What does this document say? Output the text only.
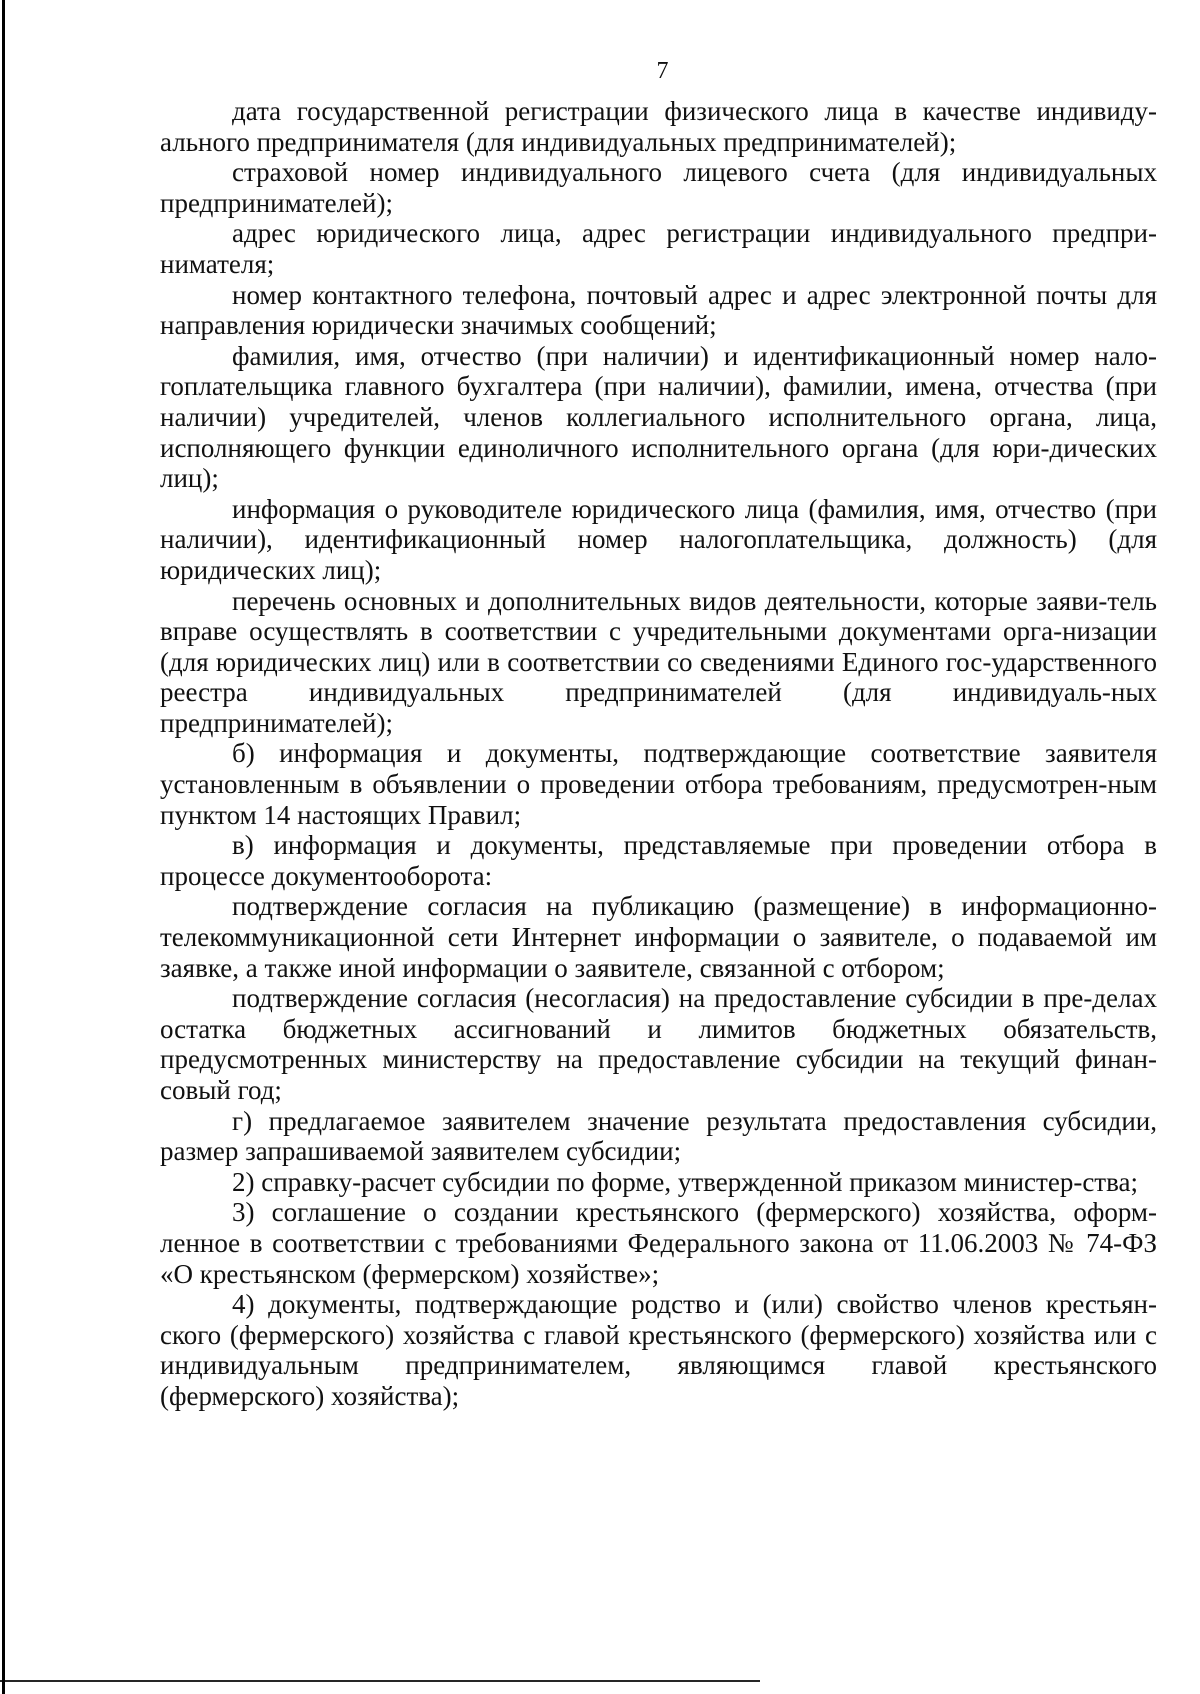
7

дата государственной регистрации физического лица в качестве индивиду-ального предпринимателя (для индивидуальных предпринимателей);

страховой номер индивидуального лицевого счета (для индивидуальных предпринимателей);

адрес юридического лица, адрес регистрации индивидуального предпри-нимателя;

номер контактного телефона, почтовый адрес и адрес электронной почты для направления юридически значимых сообщений;

фамилия, имя, отчество (при наличии) и идентификационный номер нало-гоплательщика главного бухгалтера (при наличии), фамилии, имена, отчества (при наличии) учредителей, членов коллегиального исполнительного органа, лица, исполняющего функции единоличного исполнительного органа (для юри-дических лиц);

информация о руководителе юридического лица (фамилия, имя, отчество (при наличии), идентификационный номер налогоплательщика, должность) (для юридических лиц);

перечень основных и дополнительных видов деятельности, которые заяви-тель вправе осуществлять в соответствии с учредительными документами орга-низации (для юридических лиц) или в соответствии со сведениями Единого гос-ударственного реестра индивидуальных предпринимателей (для индивидуаль-ных предпринимателей);

б) информация и документы, подтверждающие соответствие заявителя установленным в объявлении о проведении отбора требованиям, предусмотрен-ным пунктом 14 настоящих Правил;

в) информация и документы, представляемые при проведении отбора в процессе документооборота:

подтверждение согласия на публикацию (размещение) в информационно-телекоммуникационной сети Интернет информации о заявителе, о подаваемой им заявке, а также иной информации о заявителе, связанной с отбором;

подтверждение согласия (несогласия) на предоставление субсидии в пре-делах остатка бюджетных ассигнований и лимитов бюджетных обязательств, предусмотренных министерству на предоставление субсидии на текущий финан-совый год;

г) предлагаемое заявителем значение результата предоставления субсидии, размер запрашиваемой заявителем субсидии;

2) справку-расчет субсидии по форме, утвержденной приказом министер-ства;

3) соглашение о создании крестьянского (фермерского) хозяйства, оформ-ленное в соответствии с требованиями Федерального закона от 11.06.2003 № 74-ФЗ «О крестьянском (фермерском) хозяйстве»;

4) документы, подтверждающие родство и (или) свойство членов крестьян-ского (фермерского) хозяйства с главой крестьянского (фермерского) хозяйства или с индивидуальным предпринимателем, являющимся главой крестьянского (фермерского) хозяйства);
